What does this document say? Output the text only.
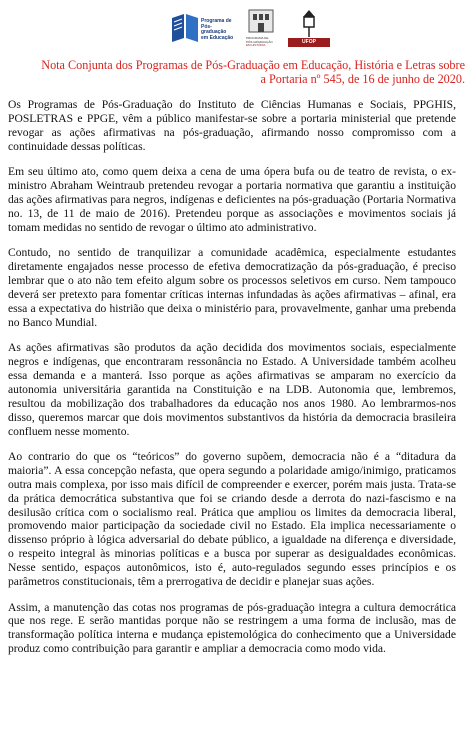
Programa de
Pós-graduação
em Educação	PROGRAMA DE
PÓS-GRADUAÇÃO
EM HISTÓRIA
UFOP
Nota Conjunta dos Programas de Pós-Graduação em Educação, História e Letras sobre
a Portaria nº 545, de 16 de junho de 2020.

Os Programas de Pós-Graduação do Instituto de Ciências Humanas e Sociais, PPGHIS, POSLETRAS e PPGE, vêm a público manifestar-se sobre a portaria ministerial que pretende revogar as ações afirmativas na pós-graduação, afirmando nosso compromisso com a continuidade dessas políticas.

Em seu último ato, como quem deixa a cena de uma ópera bufa ou de teatro de revista, o ex-ministro Abraham Weintraub pretendeu revogar a portaria normativa que garantiu a instituição das ações afirmativas para negros, indígenas e deficientes na pós-graduação (Portaria Normativa no. 13, de 11 de maio de 2016). Pretendeu porque as associações e movimentos sociais já tomam medidas no sentido de revogar o último ato administrativo.

Contudo, no sentido de tranquilizar a comunidade acadêmica, especialmente estudantes diretamente engajados nesse processo de efetiva democratização da pós-graduação, é preciso lembrar que o ato não tem efeito algum sobre os processos seletivos em curso. Nem tampouco deverá ser pretexto para fomentar críticas internas infundadas às ações afirmativas – afinal, era essa a expectativa do histrião que deixa o ministério para, provavelmente, ganhar uma prebenda no Banco Mundial.

As ações afirmativas são produtos da ação decidida dos movimentos sociais, especialmente negros e indígenas, que encontraram ressonância no Estado. A Universidade também acolheu essa demanda e a manterá. Isso porque as ações afirmativas se amparam no exercício da autonomia universitária garantida na Constituição e na LDB. Autonomia que, lembremos, resultou da mobilização dos trabalhadores da educação nos anos 1980. Ao lembrarmos-nos disso, queremos marcar que dois movimentos substantivos da história da democracia brasileira confluem nesse momento.

Ao contrario do que os “teóricos” do governo supõem, democracia não é a “ditadura da maioria”. A essa concepção nefasta, que opera segundo a polaridade amigo/inimigo, praticamos outra mais complexa, por isso mais difícil de compreender e exercer, porém mais justa. Trata-se da prática democrática substantiva que foi se criando desde a derrota do nazi-fascismo e na desilusão crítica com o socialismo real. Prática que ampliou os limites da democracia liberal, promovendo maior participação da sociedade civil no Estado. Ela implica necessariamente o dissenso próprio à lógica adversarial do debate público, a igualdade na diferença e diversidade, o respeito integral às minorias políticas e a busca por superar as desigualdades econômicas. Nesse sentido, espaços autonômicos, isto é, auto-regulados segundo esses princípios e os parâmetros constitucionais, têm a prerrogativa de decidir e planejar suas ações.

Assim, a manutenção das cotas nos programas de pós-graduação integra a cultura democrática que nos rege. E serão mantidas porque não se restringem a uma forma de inclusão, mas de transformação política interna e mudança epistemológica do conhecimento que a Universidade produz como contribuição para garantir e ampliar a democracia como modo vida.
